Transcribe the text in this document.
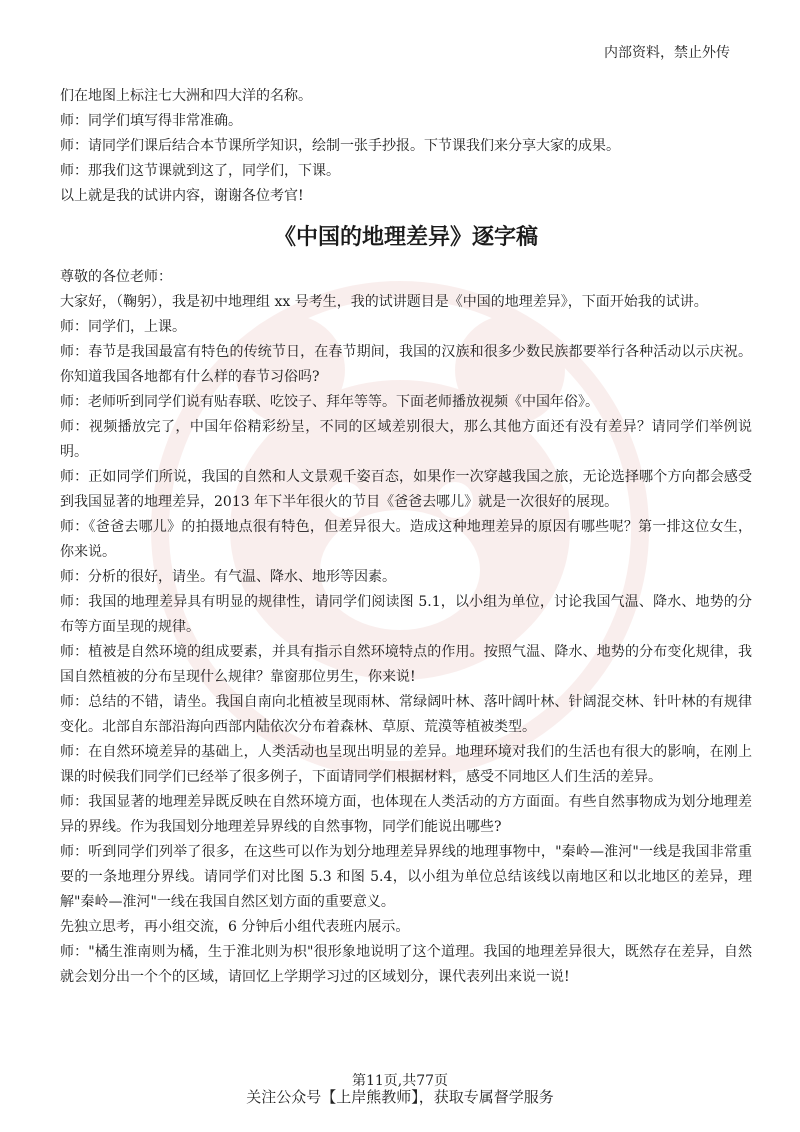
内部资料，禁止外传

们在地图上标注七大洲和四大洋的名称。

师：同学们填写得非常准确。

师：请同学们课后结合本节课所学知识，绘制一张手抄报。下节课我们来分享大家的成果。

师：那我们这节课就到这了，同学们，下课。

以上就是我的试讲内容，谢谢各位考官!

《中国的地理差异》逐字稿

尊敬的各位老师：

大家好，（鞠躬），我是初中地理组 xx 号考生，我的试讲题目是《中国的地理差异》，下面开始我的试讲。

师：同学们，上课。

师：春节是我国最富有特色的传统节日，在春节期间，我国的汉族和很多少数民族都要举行各种活动以示庆祝。你知道我国各地都有什么样的春节习俗吗?

师：老师听到同学们说有贴春联、吃饺子、拜年等等。下面老师播放视频《中国年俗》。

师：视频播放完了，中国年俗精彩纷呈，不同的区域差别很大，那么其他方面还有没有差异？请同学们举例说明。

师：正如同学们所说，我国的自然和人文景观千姿百态，如果作一次穿越我国之旅，无论选择哪个方向都会感受到我国显著的地理差异，2013 年下半年很火的节目《爸爸去哪儿》就是一次很好的展现。

师：《爸爸去哪儿》的拍摄地点很有特色，但差异很大。造成这种地理差异的原因有哪些呢？第一排这位女生，你来说。

师：分析的很好，请坐。有气温、降水、地形等因素。

师：我国的地理差异具有明显的规律性，请同学们阅读图 5.1，以小组为单位，讨论我国气温、降水、地势的分布等方面呈现的规律。

师：植被是自然环境的组成要素，并具有指示自然环境特点的作用。按照气温、降水、地势的分布变化规律，我国自然植被的分布呈现什么规律？靠窗那位男生，你来说!

师：总结的不错，请坐。我国自南向北植被呈现雨林、常绿阔叶林、落叶阔叶林、针阔混交林、针叶林的有规律变化。北部自东部沿海向西部内陆依次分布着森林、草原、荒漠等植被类型。

师：在自然环境差异的基础上，人类活动也呈现出明显的差异。地理环境对我们的生活也有很大的影响，在刚上课的时候我们同学们已经举了很多例子，下面请同学们根据材料，感受不同地区人们生活的差异。

师：我国显著的地理差异既反映在自然环境方面，也体现在人类活动的方方面面。有些自然事物成为划分地理差异的界线。作为我国划分地理差异界线的自然事物，同学们能说出哪些?

师：听到同学们列举了很多，在这些可以作为划分地理差异界线的地理事物中，"秦岭—淮河"一线是我国非常重要的一条地理分界线。请同学们对比图 5.3 和图 5.4，以小组为单位总结该线以南地区和以北地区的差异，理解"秦岭—淮河"一线在我国自然区划方面的重要意义。

先独立思考，再小组交流，6 分钟后小组代表班内展示。

师："橘生淮南则为橘，生于淮北则为枳"很形象地说明了这个道理。我国的地理差异很大，既然存在差异，自然就会划分出一个个的区域，请回忆上学期学习过的区域划分，课代表列出来说一说!

第11页,共77页
关注公众号【上岸熊教师】，获取专属督学服务
